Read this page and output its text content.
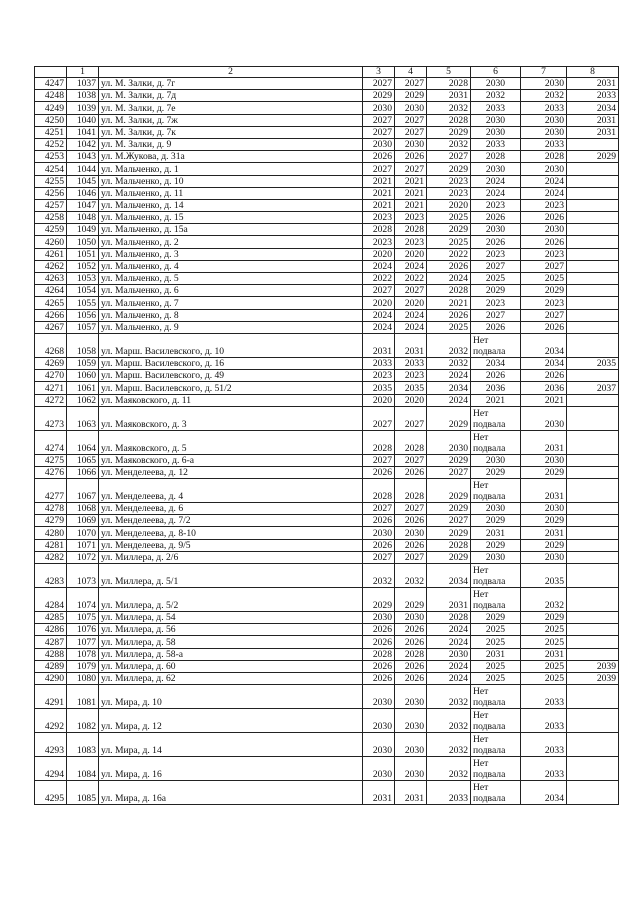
	1	2	3	4	5	6	7	8
4247	1037	ул. М. Залки, д. 7г	2027	2027	2028	2030	2030	2031
4248	1038	ул. М. Залки, д. 7д	2029	2029	2031	2032	2032	2033
4249	1039	ул. М. Залки, д. 7е	2030	2030	2032	2033	2033	2034
4250	1040	ул. М. Залки, д. 7ж	2027	2027	2028	2030	2030	2031
4251	1041	ул. М. Залки, д. 7к	2027	2027	2029	2030	2030	2031
4252	1042	ул. М. Залки, д. 9	2030	2030	2032	2033	2033	
4253	1043	ул. М.Жукова, д. 31а	2026	2026	2027	2028	2028	2029
4254	1044	ул. Мальченко, д. 1	2027	2027	2029	2030	2030	
4255	1045	ул. Мальченко, д. 10	2021	2021	2023	2024	2024	
4256	1046	ул. Мальченко, д. 11	2021	2021	2023	2024	2024	
4257	1047	ул. Мальченко, д. 14	2021	2021	2020	2023	2023	
4258	1048	ул. Мальченко, д. 15	2023	2023	2025	2026	2026	
4259	1049	ул. Мальченко, д. 15а	2028	2028	2029	2030	2030	
4260	1050	ул. Мальченко, д. 2	2023	2023	2025	2026	2026	
4261	1051	ул. Мальченко, д. 3	2020	2020	2022	2023	2023	
4262	1052	ул. Мальченко, д. 4	2024	2024	2026	2027	2027	
4263	1053	ул. Мальченко, д. 5	2022	2022	2024	2025	2025	
4264	1054	ул. Мальченко, д. 6	2027	2027	2028	2029	2029	
4265	1055	ул. Мальченко, д. 7	2020	2020	2021	2023	2023	
4266	1056	ул. Мальченко, д. 8	2024	2024	2026	2027	2027	
4267	1057	ул. Мальченко, д. 9	2024	2024	2025	2026	2026	
4268	1058	ул. Марш. Василевского, д. 10	2031	2031	2032	Нет подвала	2034	
4269	1059	ул. Марш. Василевского, д. 16	2033	2033	2032	2034	2034	2035
4270	1060	ул. Марш. Василевского, д. 49	2023	2023	2024	2026	2026	
4271	1061	ул. Марш. Василевского, д. 51/2	2035	2035	2034	2036	2036	2037
4272	1062	ул. Маяковского, д. 11	2020	2020	2024	2021	2021	
4273	1063	ул. Маяковского, д. 3	2027	2027	2029	Нет подвала	2030	
4274	1064	ул. Маяковского, д. 5	2028	2028	2030	Нет подвала	2031	
4275	1065	ул. Маяковского, д. 6-а	2027	2027	2029	2030	2030	
4276	1066	ул. Менделеева, д. 12	2026	2026	2027	2029	2029	
4277	1067	ул. Менделеева, д. 4	2028	2028	2029	Нет подвала	2031	
4278	1068	ул. Менделеева, д. 6	2027	2027	2029	2030	2030	
4279	1069	ул. Менделеева, д. 7/2	2026	2026	2027	2029	2029	
4280	1070	ул. Менделеева, д. 8-10	2030	2030	2029	2031	2031	
4281	1071	ул. Менделеева, д. 9/5	2026	2026	2028	2029	2029	
4282	1072	ул. Миллера, д. 2/6	2027	2027	2029	2030	2030	
4283	1073	ул. Миллера, д. 5/1	2032	2032	2034	Нет подвала	2035	
4284	1074	ул. Миллера, д. 5/2	2029	2029	2031	Нет подвала	2032	
4285	1075	ул. Миллера, д. 54	2030	2030	2028	2029	2029	
4286	1076	ул. Миллера, д. 56	2026	2026	2024	2025	2025	
4287	1077	ул. Миллера, д. 58	2026	2026	2024	2025	2025	
4288	1078	ул. Миллера, д. 58-а	2028	2028	2030	2031	2031	
4289	1079	ул. Миллера, д. 60	2026	2026	2024	2025	2025	2039
4290	1080	ул. Миллера, д. 62	2026	2026	2024	2025	2025	2039
4291	1081	ул. Мира, д. 10	2030	2030	2032	Нет подвала	2033	
4292	1082	ул. Мира, д. 12	2030	2030	2032	Нет подвала	2033	
4293	1083	ул. Мира, д. 14	2030	2030	2032	Нет подвала	2033	
4294	1084	ул. Мира, д. 16	2030	2030	2032	Нет подвала	2033	
4295	1085	ул. Мира, д. 16а	2031	2031	2033	Нет подвала	2034	
